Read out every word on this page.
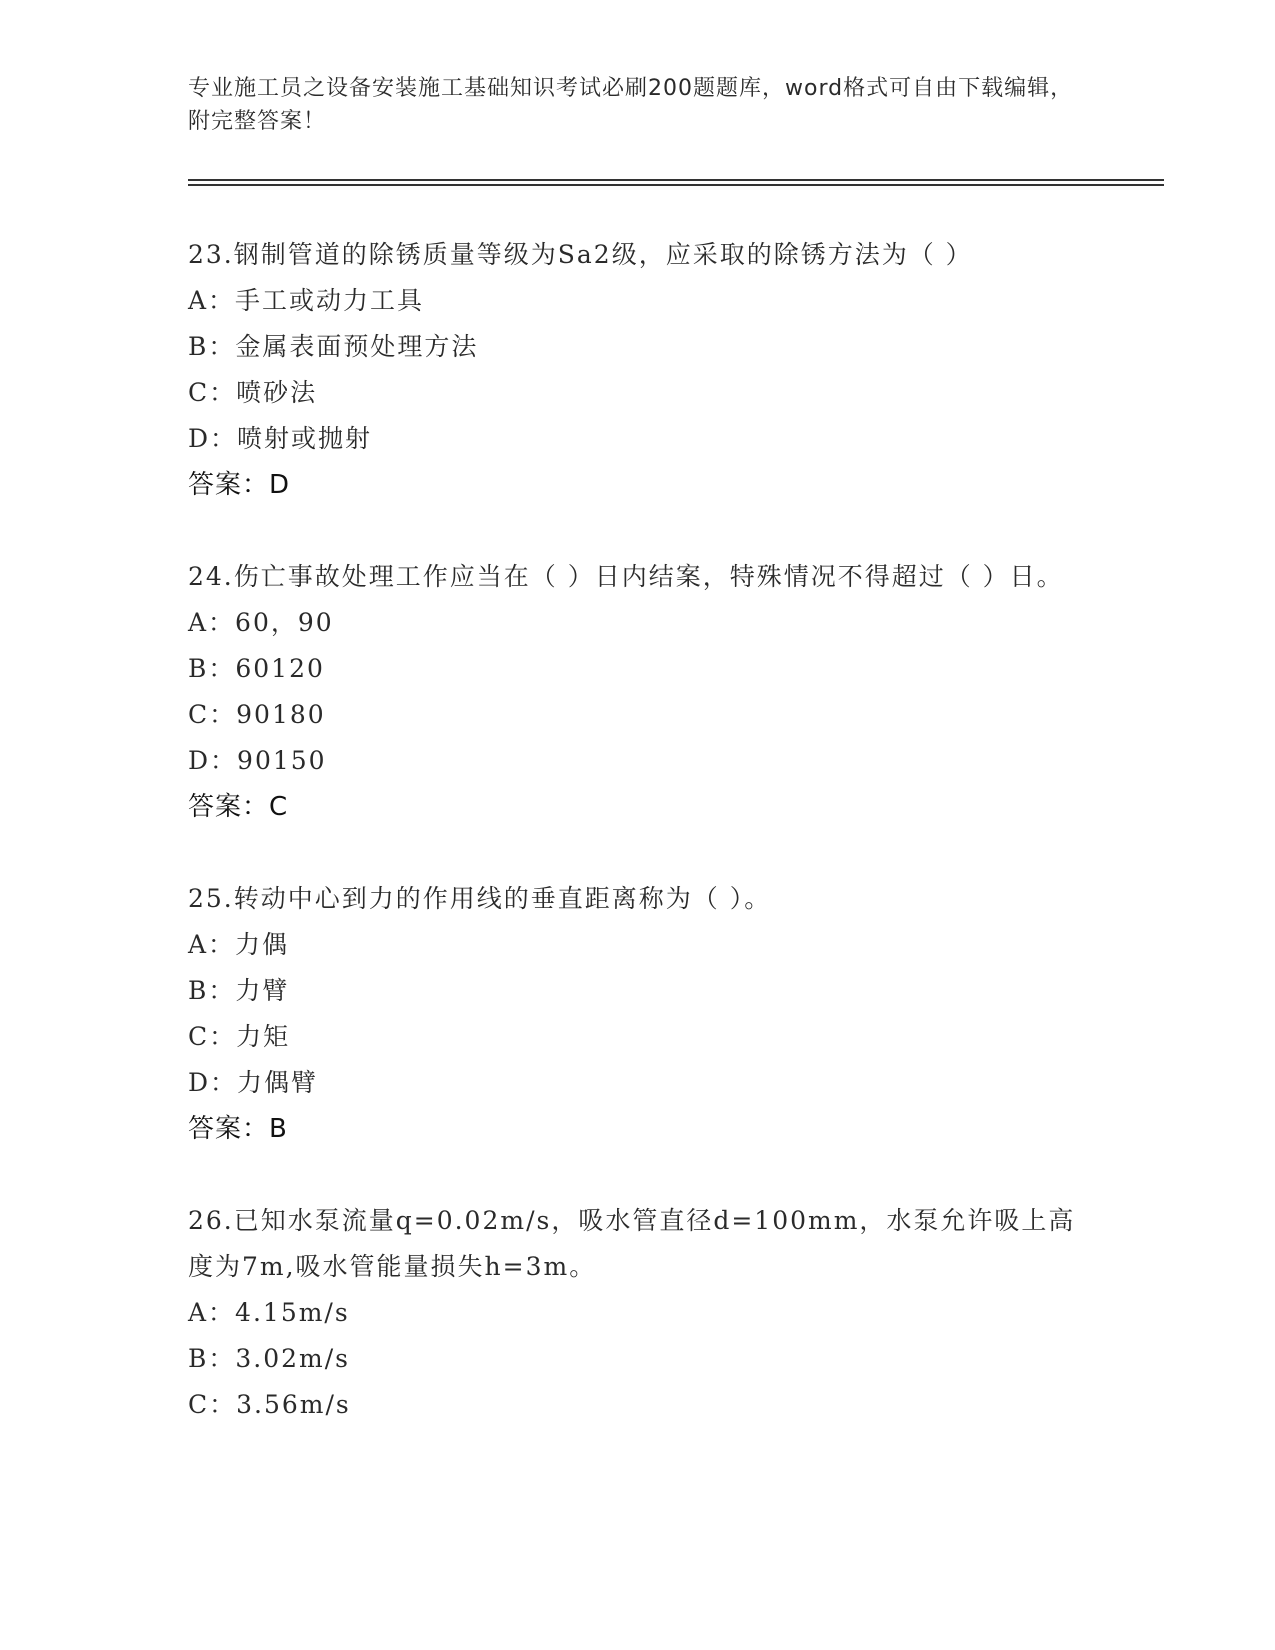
专业施工员之设备安装施工基础知识考试必刷200题题库，word格式可自由下载编辑，附完整答案！
23.钢制管道的除锈质量等级为Sa2级，应采取的除锈方法为（ ）
A：手工或动力工具
B：金属表面预处理方法
C：喷砂法
D：喷射或抛射
答案：D
24.伤亡事故处理工作应当在（ ）日内结案，特殊情况不得超过（ ）日。
A：60，90
B：60120
C：90180
D：90150
答案：C
25.转动中心到力的作用线的垂直距离称为（ ）。
A：力偶
B：力臂
C：力矩
D：力偶臂
答案：B
26.已知水泵流量q=0.02m/s，吸水管直径d=100mm，水泵允许吸上高度为7m,吸水管能量损失h=3m。
A：4.15m/s
B：3.02m/s
C：3.56m/s
